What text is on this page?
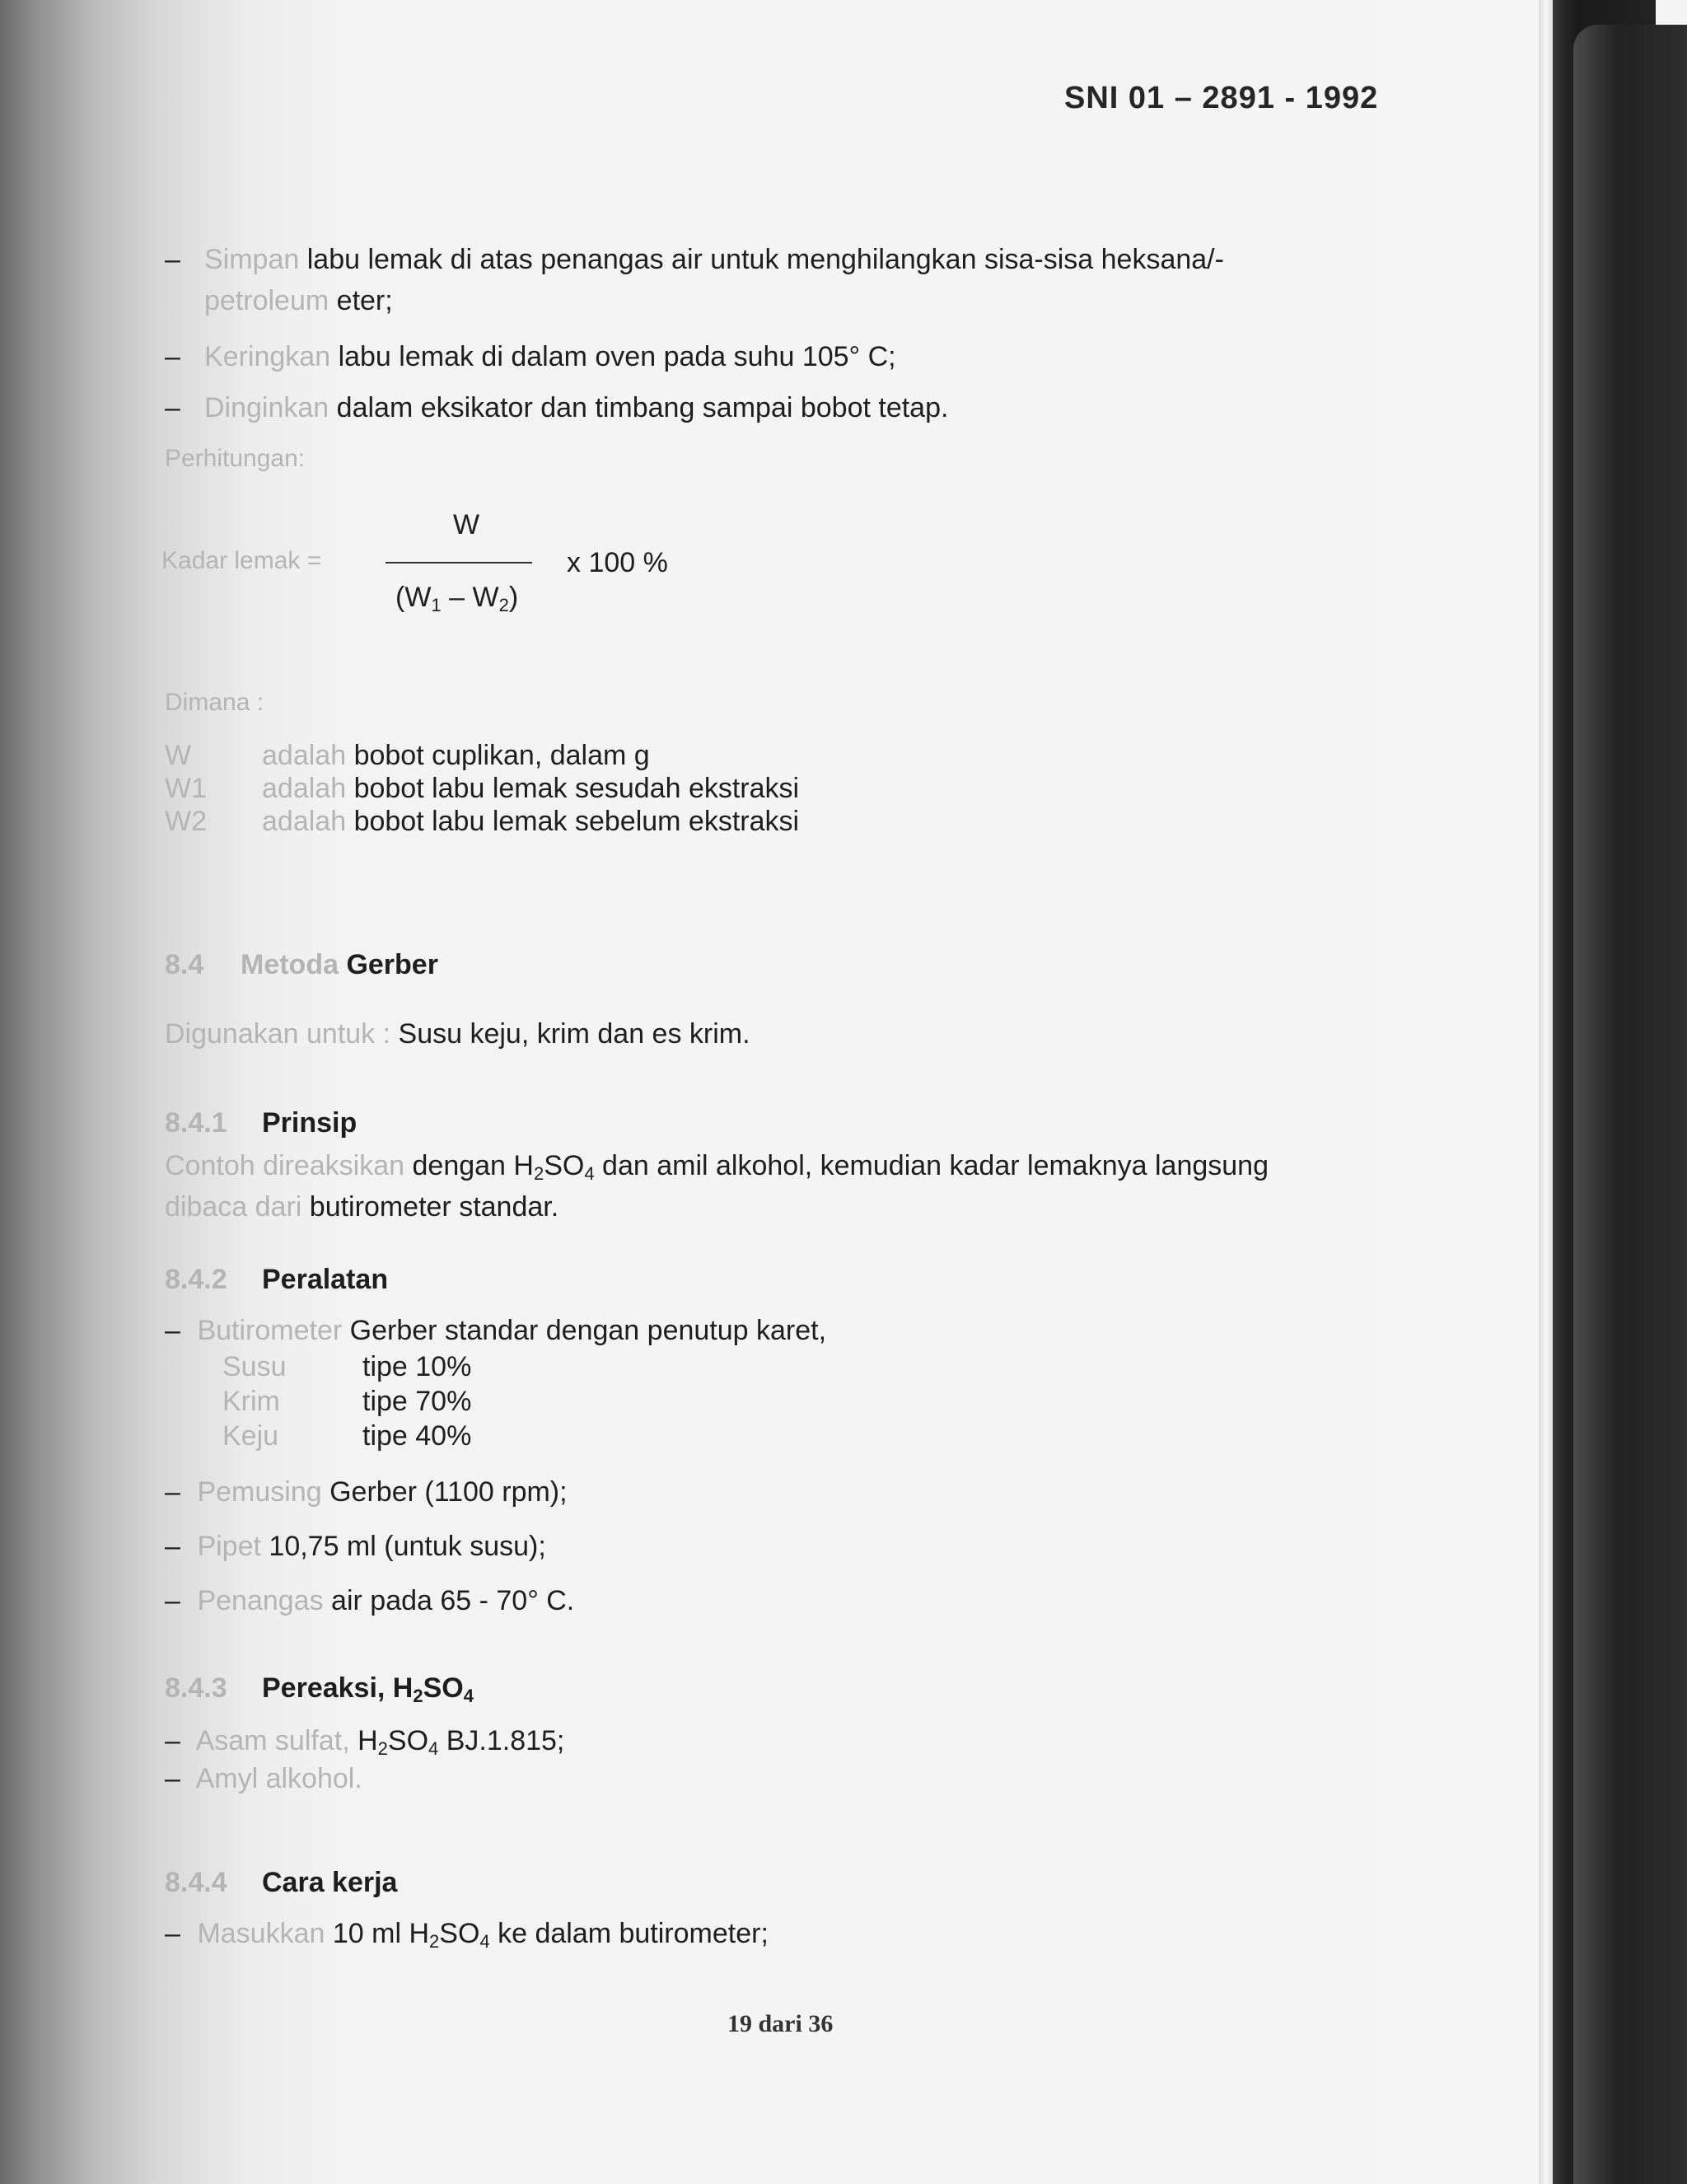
SNI 01 – 2891 - 1992
– Simpan labu lemak di atas penangas air untuk menghilangkan sisa-sisa heksana/-
petroleum eter;
– Keringkan labu lemak di dalam oven pada suhu 105° C;
– Dinginkan dalam eksikator dan timbang sampai bobot tetap.
Perhitungan:
Kadar lemak =
W
$(W_1 - W_2)$
x 100 %
Dimana :
W	adalah bobot cuplikan, dalam g
W1 adalah bobot labu lemak sesudah ekstraksi
W2 adalah bobot labu lemak sebelum ekstraksi
8.4 Metoda Gerber
Digunakan untuk : Susu keju, krim dan es krim.
8.4.1 Prinsip
Contoh direaksikan dengan $H_2SO_4$ dan amil alkohol, kemudian kadar lemaknya langsung
dibaca dari butirometer standar.
8.4.2 Peralatan
– Butirometer Gerber standar dengan penutup karet,
Susu	tipe 10%
Krim	tipe 70%
Keju	tipe 40%
– Pemusing Gerber (1100 rpm);
– Pipet 10,75 ml (untuk susu);
– Penangas air pada 65 - 70° C.
8.4.3 Pereaksi, $H_2SO_4$
– Asam sulfat, $H_2SO_4$ BJ.1.815;
– Amyl alkohol.
8.4.4 Cara kerja
– Masukkan 10 ml $H_2SO_4$ ke dalam butirometer;
19 dari 36
